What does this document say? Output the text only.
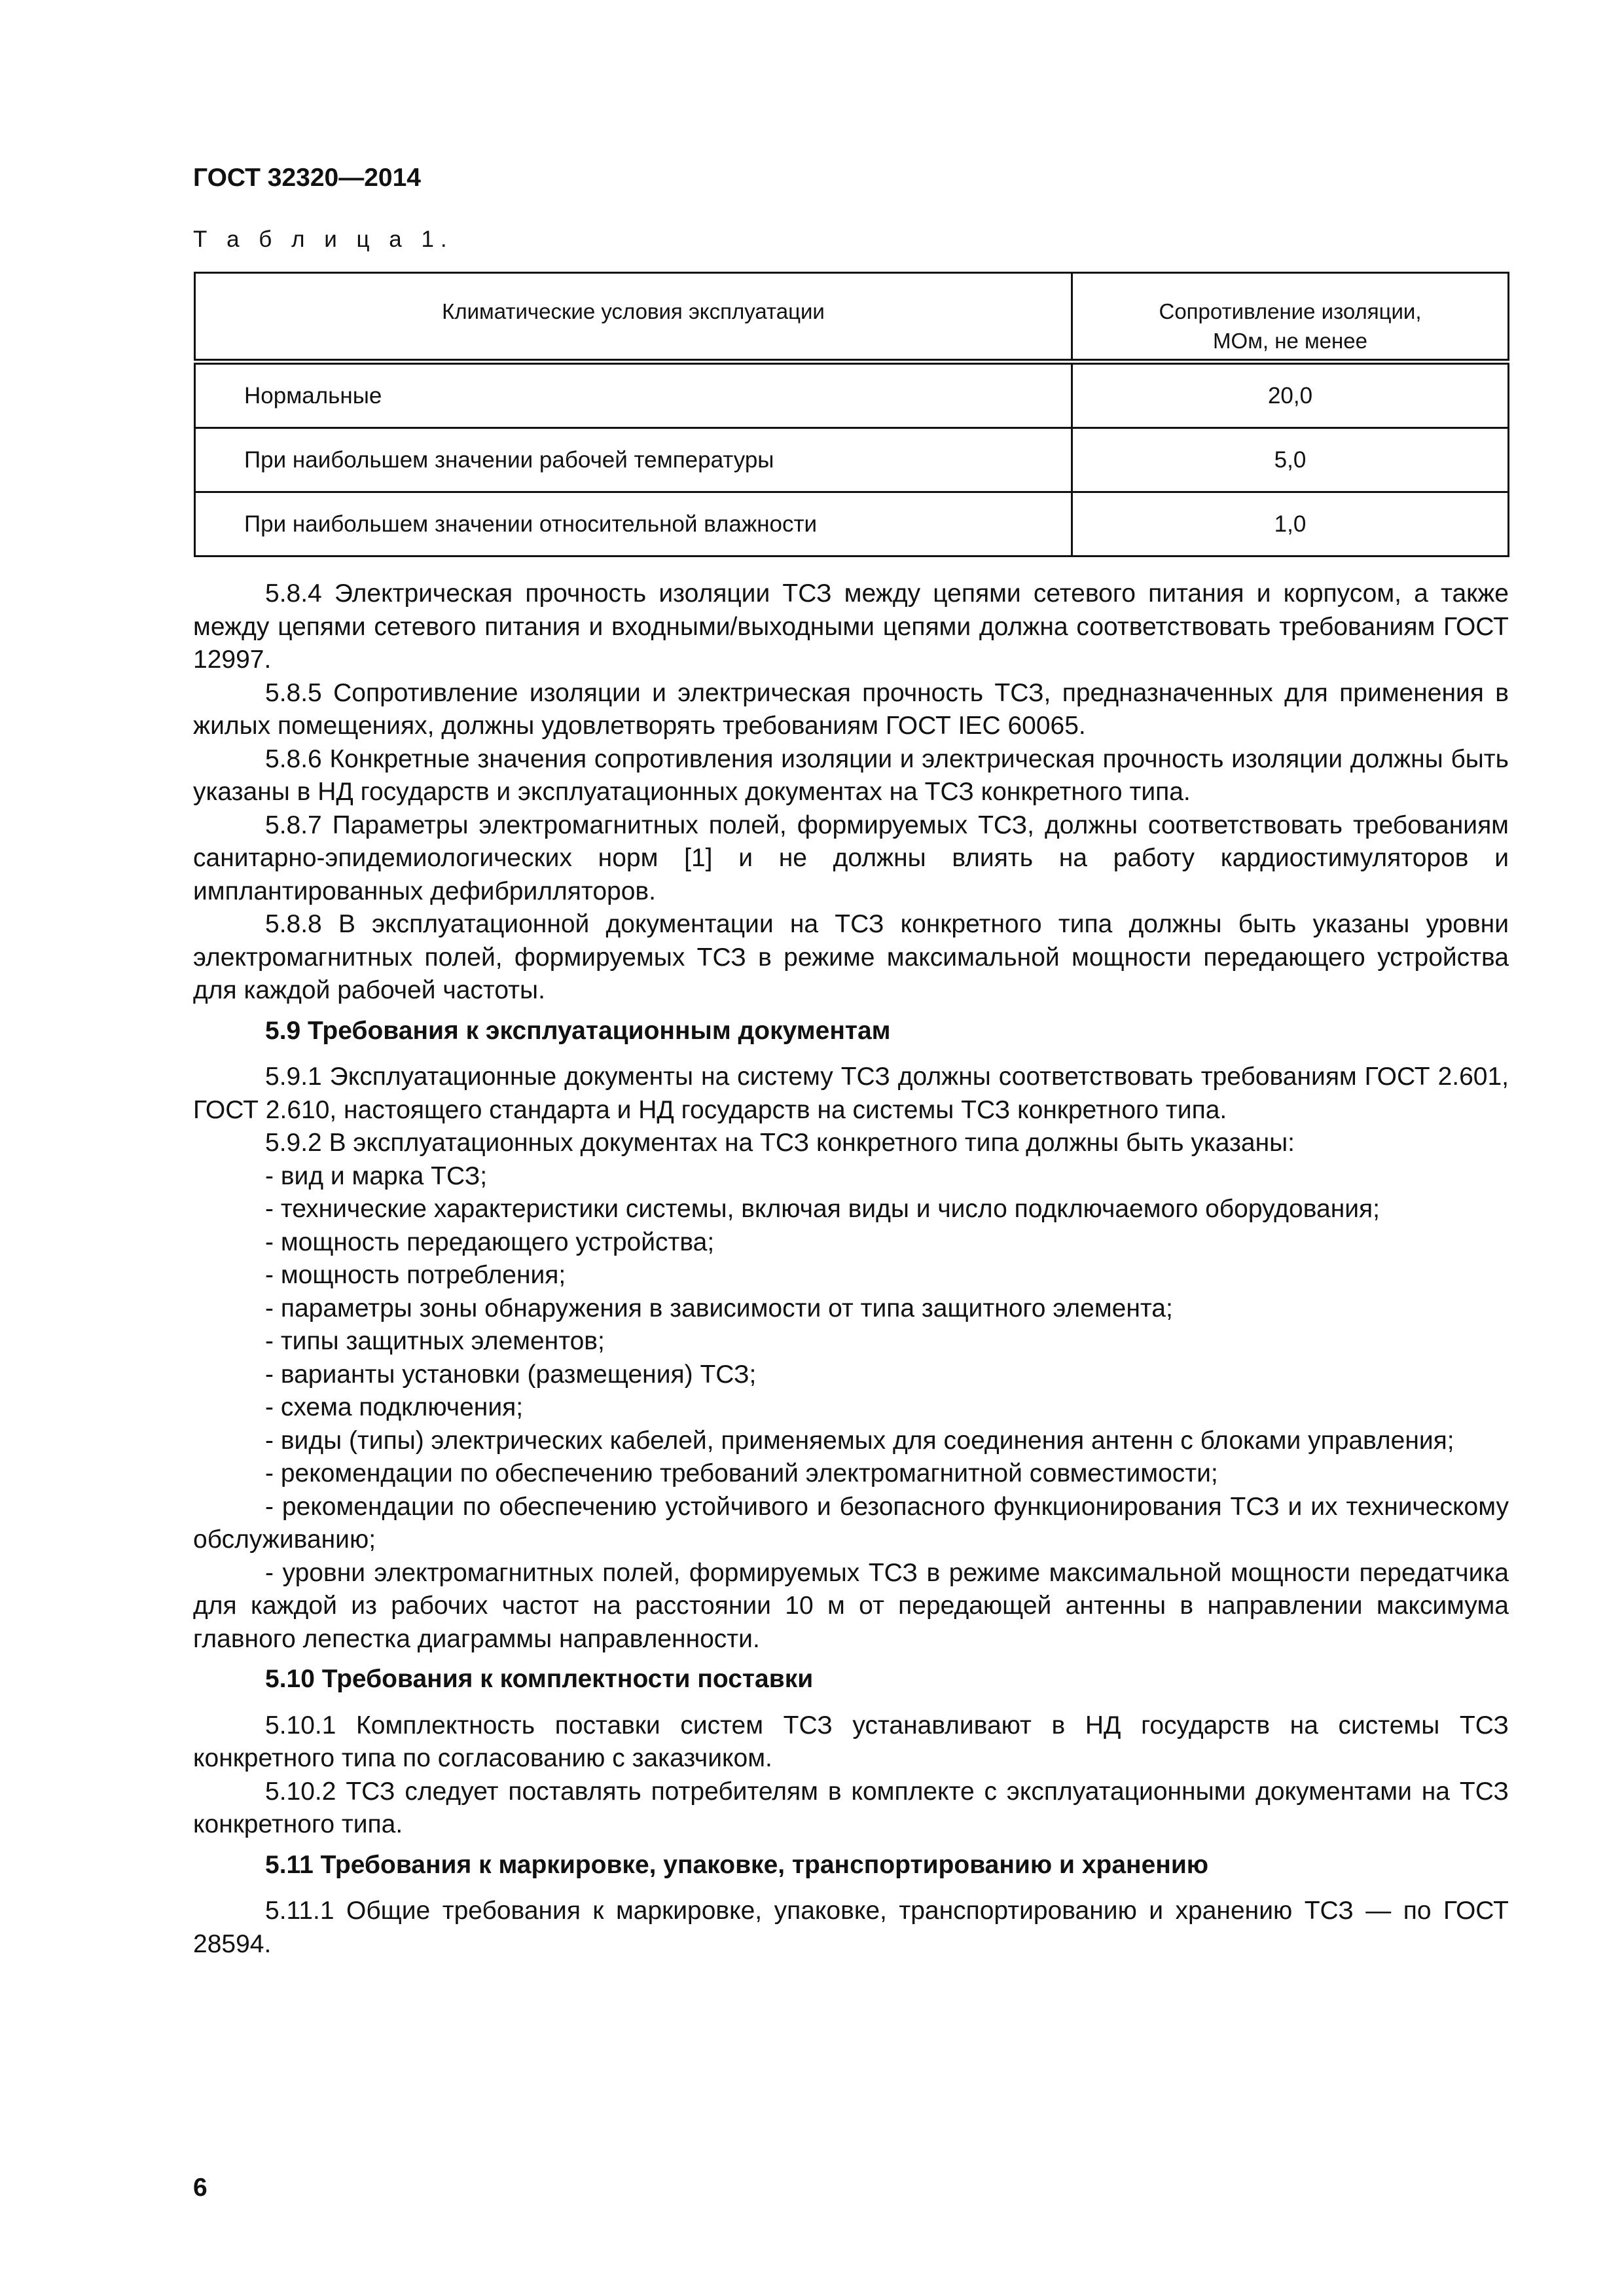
ГОСТ 32320—2014
Т а б л и ц а 1.
Климатические условия эксплуатации	Сопротивление изоляции,
МОм, не менее

Нормальные	20,0
При наибольшем значении рабочей температуры	5,0
При наибольшем значении относительной влажности	1,0

5.8.4 Электрическая прочность изоляции ТСЗ между цепями сетевого питания и корпусом, а также между цепями сетевого питания и входными/выходными цепями должна соответствовать требованиям ГОСТ 12997.

5.8.5 Сопротивление изоляции и электрическая прочность ТСЗ, предназначенных для применения в жилых помещениях, должны удовлетворять требованиям ГОСТ IEC 60065.

5.8.6 Конкретные значения сопротивления изоляции и электрическая прочность изоляции должны быть указаны в НД государств и эксплуатационных документах на ТСЗ конкретного типа.

5.8.7 Параметры электромагнитных полей, формируемых ТСЗ, должны соответствовать требованиям санитарно-эпидемиологических норм [1] и не должны влиять на работу кардиостимуляторов и имплантированных дефибрилляторов.

5.8.8 В эксплуатационной документации на ТСЗ конкретного типа должны быть указаны уровни электромагнитных полей, формируемых ТСЗ в режиме максимальной мощности передающего устройства для каждой рабочей частоты.

5.9 Требования к эксплуатационным документам

5.9.1 Эксплуатационные документы на систему ТСЗ должны соответствовать требованиям ГОСТ 2.601, ГОСТ 2.610, настоящего стандарта и НД государств на системы ТСЗ конкретного типа.

5.9.2 В эксплуатационных документах на ТСЗ конкретного типа должны быть указаны:

- вид и марка ТСЗ;

- технические характеристики системы, включая виды и число подключаемого оборудования;

- мощность передающего устройства;

- мощность потребления;

- параметры зоны обнаружения в зависимости от типа защитного элемента;

- типы защитных элементов;

- варианты установки (размещения) ТСЗ;

- схема подключения;

- виды (типы) электрических кабелей, применяемых для соединения антенн с блоками управления;

- рекомендации по обеспечению требований электромагнитной совместимости;

- рекомендации по обеспечению устойчивого и безопасного функционирования ТСЗ и их техническому обслуживанию;

- уровни электромагнитных полей, формируемых ТСЗ в режиме максимальной мощности передатчика для каждой из рабочих частот на расстоянии 10 м от передающей антенны в направлении максимума главного лепестка диаграммы направленности.

5.10 Требования к комплектности поставки

5.10.1 Комплектность поставки систем ТСЗ устанавливают в НД государств на системы ТСЗ конкретного типа по согласованию с заказчиком.

5.10.2 ТСЗ следует поставлять потребителям в комплекте с эксплуатационными документами на ТСЗ конкретного типа.

5.11 Требования к маркировке, упаковке, транспортированию и хранению

5.11.1 Общие требования к маркировке, упаковке, транспортированию и хранению ТСЗ — по ГОСТ 28594.

6
